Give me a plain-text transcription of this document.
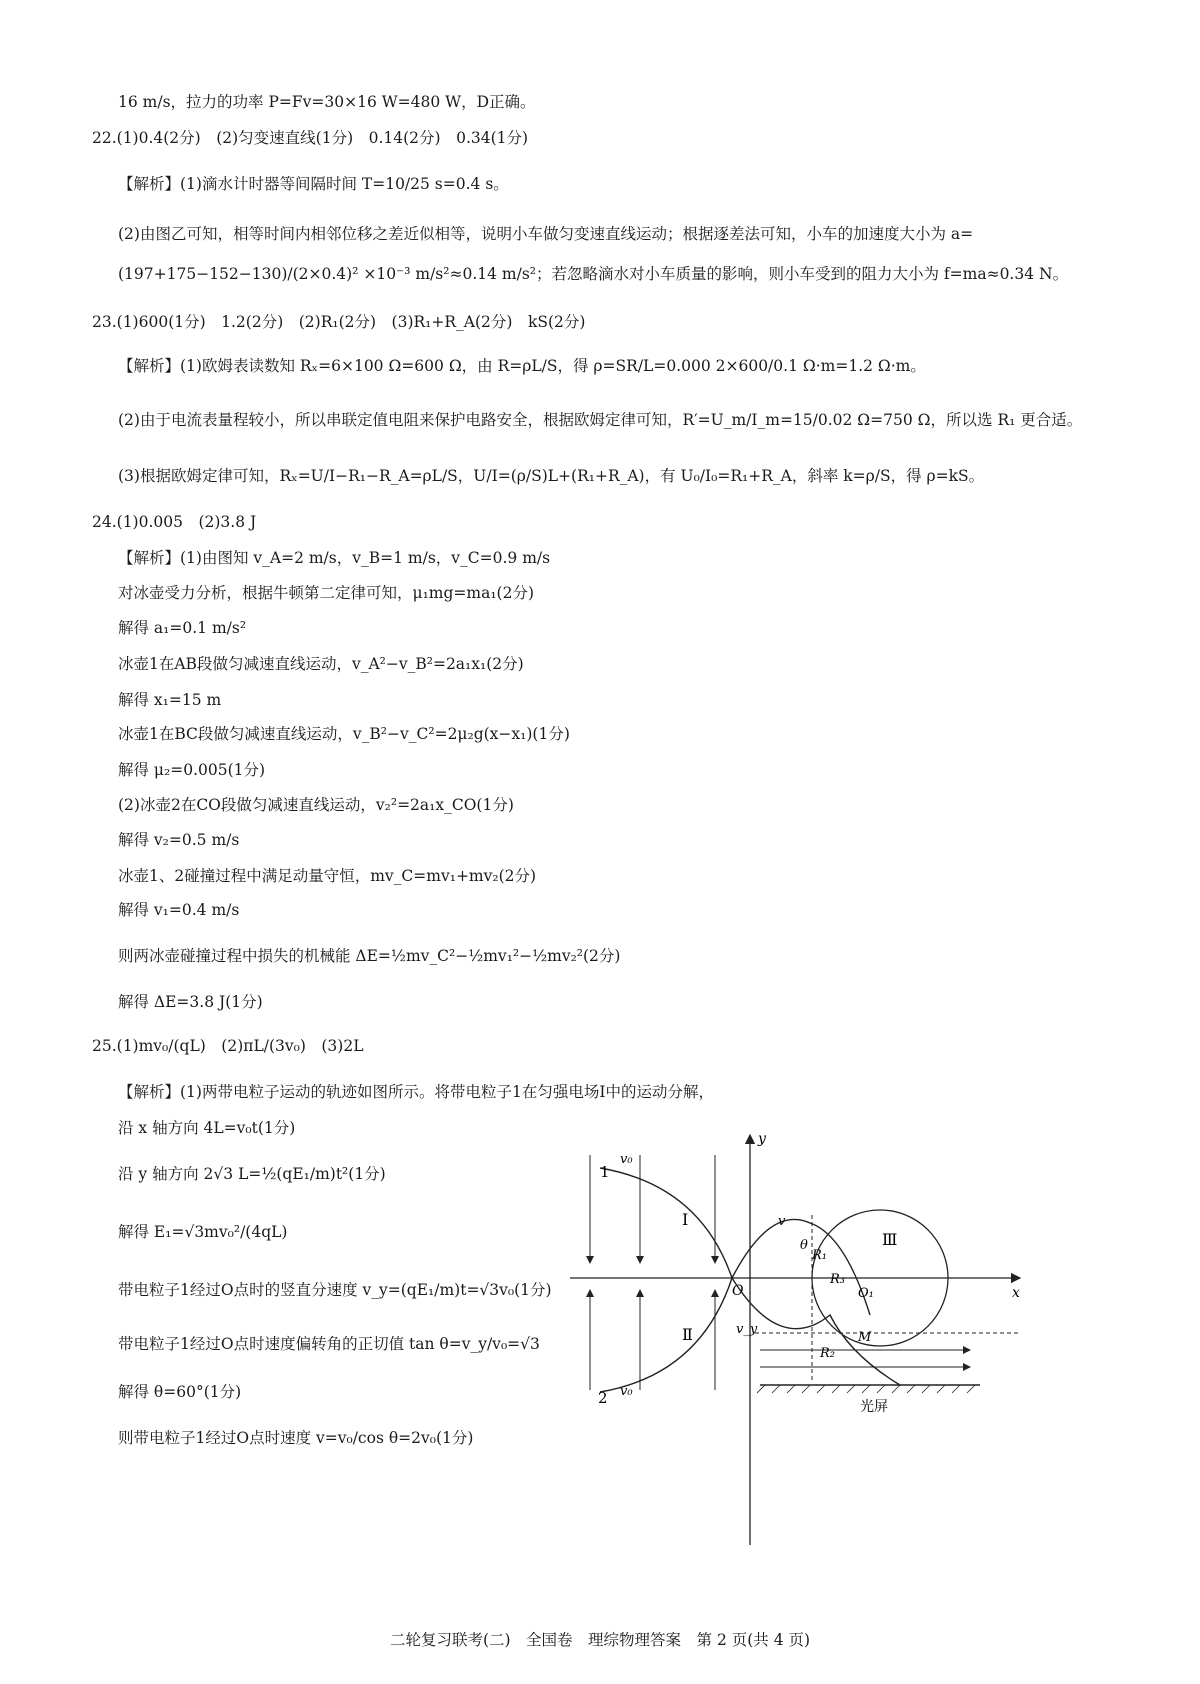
16 m/s，拉力的功率 P=Fv=30×16 W=480 W，D正确。
22.(1)0.4(2分)　(2)匀变速直线(1分)　0.14(2分)　0.34(1分)
【解析】(1)滴水计时器等间隔时间 T=10/25 s=0.4 s。
(2)由图乙可知，相等时间内相邻位移之差近似相等，说明小车做匀变速直线运动；根据逐差法可知，小车的加速度大小为 a=
(197+175−152−130)/(2×0.4)² ×10⁻³ m/s²≈0.14 m/s²；若忽略滴水对小车质量的影响，则小车受到的阻力大小为 f=ma≈0.34 N。
23.(1)600(1分)　1.2(2分)　(2)R₁(2分)　(3)R₁+R_A(2分)　kS(2分)
【解析】(1)欧姆表读数知 Rₓ=6×100 Ω=600 Ω，由 R=ρL/S，得 ρ=SR/L=0.000 2×600/0.1 Ω·m=1.2 Ω·m。
(2)由于电流表量程较小，所以串联定值电阻来保护电路安全，根据欧姆定律可知，R′=U_m/I_m=15/0.02 Ω=750 Ω，所以选 R₁ 更合适。
(3)根据欧姆定律可知，Rₓ=U/I−R₁−R_A=ρL/S，U/I=(ρ/S)L+(R₁+R_A)，有 U₀/I₀=R₁+R_A，斜率 k=ρ/S，得 ρ=kS。
24.(1)0.005　(2)3.8 J
【解析】(1)由图知 v_A=2 m/s，v_B=1 m/s，v_C=0.9 m/s
对冰壶受力分析，根据牛顿第二定律可知，μ₁mg=ma₁(2分)
解得 a₁=0.1 m/s²
冰壶1在AB段做匀减速直线运动，v_A²−v_B²=2a₁x₁(2分)
解得 x₁=15 m
冰壶1在BC段做匀减速直线运动，v_B²−v_C²=2μ₂g(x−x₁)(1分)
解得 μ₂=0.005(1分)
(2)冰壶2在CO段做匀减速直线运动，v₂²=2a₁x_CO(1分)
解得 v₂=0.5 m/s
冰壶1、2碰撞过程中满足动量守恒，mv_C=mv₁+mv₂(2分)
解得 v₁=0.4 m/s
则两冰壶碰撞过程中损失的机械能 ΔE=½mv_C²−½mv₁²−½mv₂²(2分)
解得 ΔE=3.8 J(1分)
25.(1)mv₀/(qL)　(2)πL/(3v₀)　(3)2L
【解析】(1)两带电粒子运动的轨迹如图所示。将带电粒子1在匀强电场Ⅰ中的运动分解，
沿 x 轴方向 4L=v₀t(1分)
沿 y 轴方向 2√3 L=½(qE₁/m)t²(1分)
解得 E₁=√3mv₀²/(4qL)
带电粒子1经过O点时的竖直分速度 v_y=(qE₁/m)t=√3v₀(1分)
带电粒子1经过O点时速度偏转角的正切值 tan θ=v_y/v₀=√3
解得 θ=60°(1分)
则带电粒子1经过O点时速度 v=v₀/cos θ=2v₀(1分)
y
x
O
1
2
v₀
v₀
Ⅰ
Ⅱ
Ⅲ
R₁
R₂
R₃
θ
v
v_y
M
O₁
光屏
二轮复习联考(二)　全国卷　理综物理答案　第 2 页(共 4 页)
